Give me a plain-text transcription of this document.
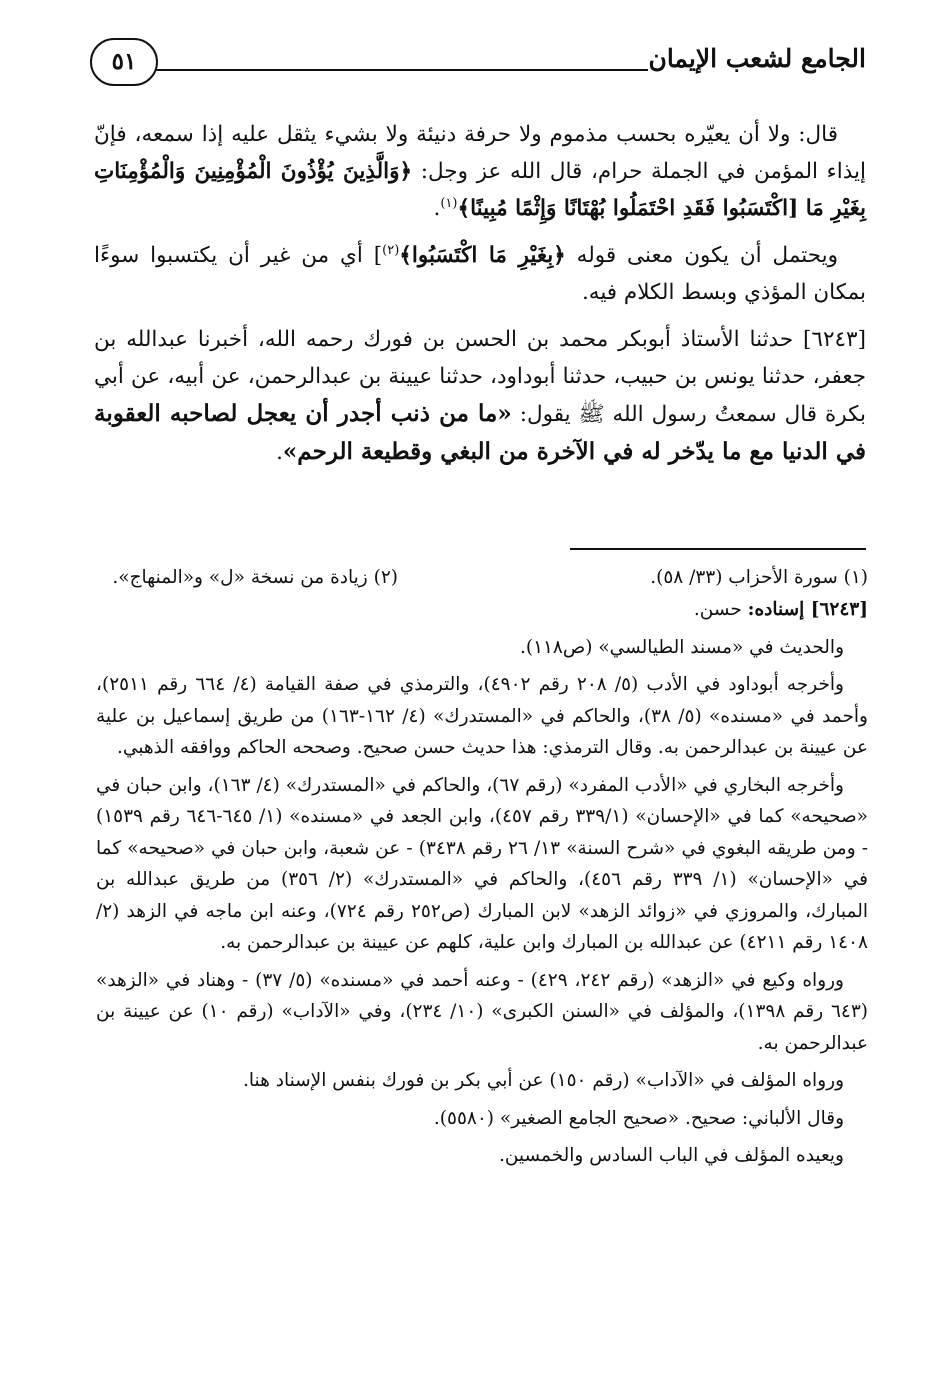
الجامع لشعب الإيمان
٥١

قال: ولا أن يعيّره بحسب مذموم ولا حرفة دنيئة ولا بشيء يثقل عليه إذا سمعه، فإنّ إيذاء المؤمن في الجملة حرام، قال الله عز وجل: ﴿وَالَّذِينَ يُؤْذُونَ الْمُؤْمِنِينَ وَالْمُؤْمِنَاتِ بِغَيْرِ مَا [اكْتَسَبُوا فَقَدِ احْتَمَلُوا بُهْتَانًا وَإِثْمًا مُبِينًا﴾$^{(١)}$.

ويحتمل أن يكون معنى قوله ﴿بِغَيْرِ مَا اكْتَسَبُوا﴾$^{(٢)}$] أي من غير أن يكتسبوا سوءًا بمكان المؤذي وبسط الكلام فيه.

[٦٢٤٣] حدثنا الأستاذ أبوبكر محمد بن الحسن بن فورك رحمه الله، أخبرنا عبدالله بن جعفر، حدثنا يونس بن حبيب، حدثنا أبوداود، حدثنا عيينة بن عبدالرحمن، عن أبيه، عن أبي بكرة قال سمعتُ رسول الله ﷺ يقول: «ما من ذنب أجدر أن يعجل لصاحبه العقوبة في الدنيا مع ما يدّخر له في الآخرة من البغي وقطيعة الرحم».

(١) سورة الأحزاب (٣٣/ ٥٨).
(٢) زيادة من نسخة «ل» و«المنهاج».

[٦٢٤٣] إسناده: حسن.

والحديث في «مسند الطيالسي» (ص١١٨).

وأخرجه أبوداود في الأدب (٥/ ٢٠٨ رقم ٤٩٠٢)، والترمذي في صفة القيامة (٤/ ٦٦٤ رقم ٢٥١١)، وأحمد في «مسنده» (٥/ ٣٨)، والحاكم في «المستدرك» (٤/ ١٦٢-١٦٣) من طريق إسماعيل بن علية عن عيينة بن عبدالرحمن به. وقال الترمذي: هذا حديث حسن صحيح. وصححه الحاكم ووافقه الذهبي.

وأخرجه البخاري في «الأدب المفرد» (رقم ٦٧)، والحاكم في «المستدرك» (٤/ ١٦٣)، وابن حبان في «صحيحه» كما في «الإحسان» (٣٣٩/١ رقم ٤٥٧)، وابن الجعد في «مسنده» (١/ ٦٤٥-٦٤٦ رقم ١٥٣٩) - ومن طريقه البغوي في «شرح السنة» ١٣/ ٢٦ رقم ٣٤٣٨) - عن شعبة، وابن حبان في «صحيحه» كما في «الإحسان» (١/ ٣٣٩ رقم ٤٥٦)، والحاكم في «المستدرك» (٢/ ٣٥٦) من طريق عبدالله بن المبارك، والمروزي في «زوائد الزهد» لابن المبارك (ص٢٥٢ رقم ٧٢٤)، وعنه ابن ماجه في الزهد (٢/ ١٤٠٨ رقم ٤٢١١) عن عبدالله بن المبارك وابن علية، كلهم عن عيينة بن عبدالرحمن به.

ورواه وكيع في «الزهد» (رقم ٢٤٢، ٤٢٩) - وعنه أحمد في «مسنده» (٥/ ٣٧) - وهناد في «الزهد» (٦٤٣ رقم ١٣٩٨)، والمؤلف في «السنن الكبرى» (١٠/ ٢٣٤)، وفي «الآداب» (رقم ١٠) عن عيينة بن عبدالرحمن به.

ورواه المؤلف في «الآداب» (رقم ١٥٠) عن أبي بكر بن فورك بنفس الإسناد هنا.

وقال الألباني: صحيح. «صحيح الجامع الصغير» (٥٥٨٠).

ويعيده المؤلف في الباب السادس والخمسين.
